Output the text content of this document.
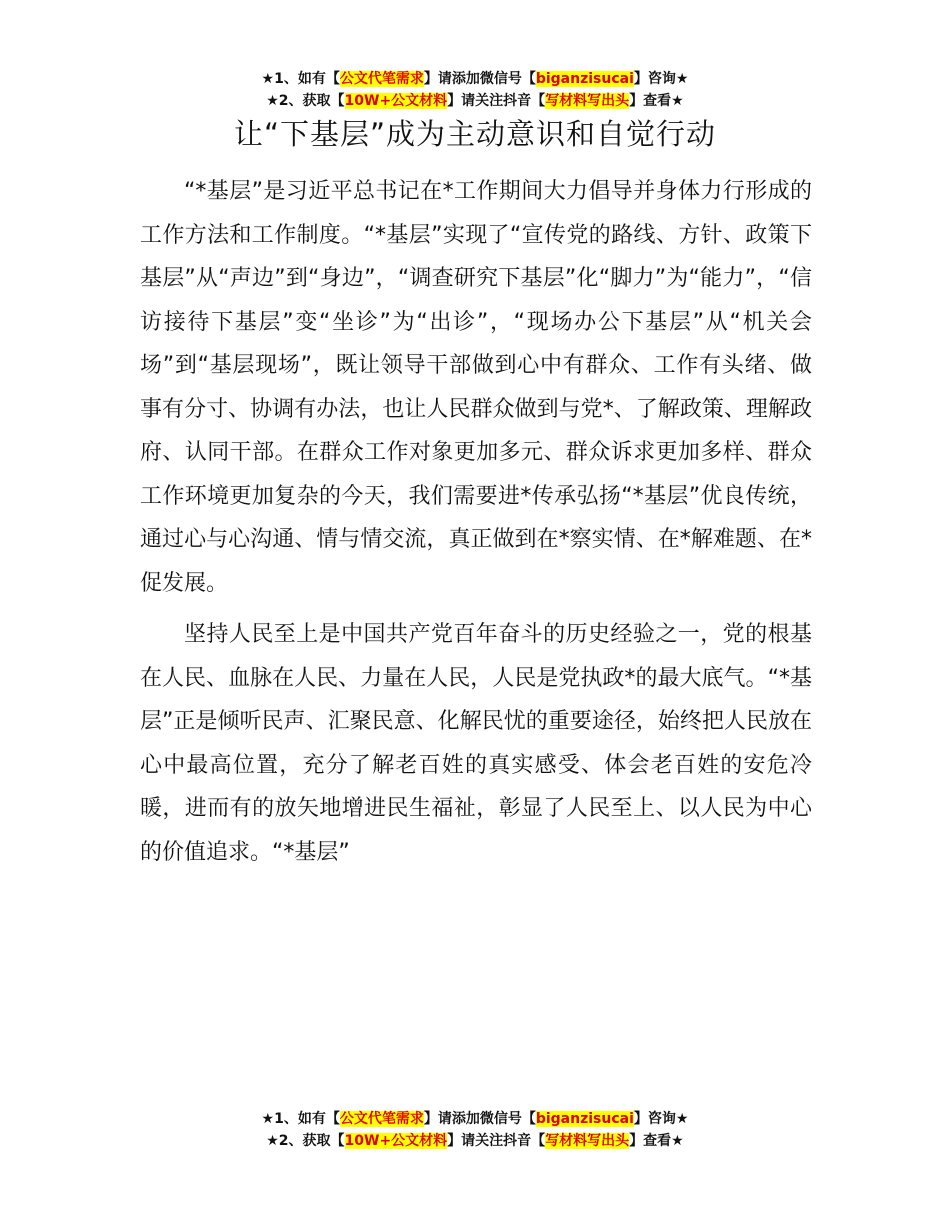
★1、如有【公文代笔需求】请添加微信号【biganzisucai】咨询★
★2、获取【10W+公文材料】请关注抖音【写材料写出头】查看★
让“下基层”成为主动意识和自觉行动

“*基层”是习近平总书记在*工作期间大力倡导并身体力行形成的工作方法和工作制度。“*基层”实现了“宣传党的路线、方针、政策下基层”从“声边”到“身边”，“调查研究下基层”化“脚力”为“能力”，“信访接待下基层”变“坐诊”为“出诊”，“现场办公下基层”从“机关会场”到“基层现场”，既让领导干部做到心中有群众、工作有头绪、做事有分寸、协调有办法，也让人民群众做到与党*、了解政策、理解政府、认同干部。在群众工作对象更加多元、群众诉求更加多样、群众工作环境更加复杂的今天，我们需要进*传承弘扬“*基层”优良传统，通过心与心沟通、情与情交流，真正做到在*察实情、在*解难题、在*促发展。

坚持人民至上是中国共产党百年奋斗的历史经验之一，党的根基在人民、血脉在人民、力量在人民，人民是党执政*的最大底气。“*基层”正是倾听民声、汇聚民意、化解民忧的重要途径，始终把人民放在心中最高位置，充分了解老百姓的真实感受、体会老百姓的安危冷暖，进而有的放矢地增进民生福祉，彰显了人民至上、以人民为中心的价值追求。“*基层”

★1、如有【公文代笔需求】请添加微信号【biganzisucai】咨询★
★2、获取【10W+公文材料】请关注抖音【写材料写出头】查看★
